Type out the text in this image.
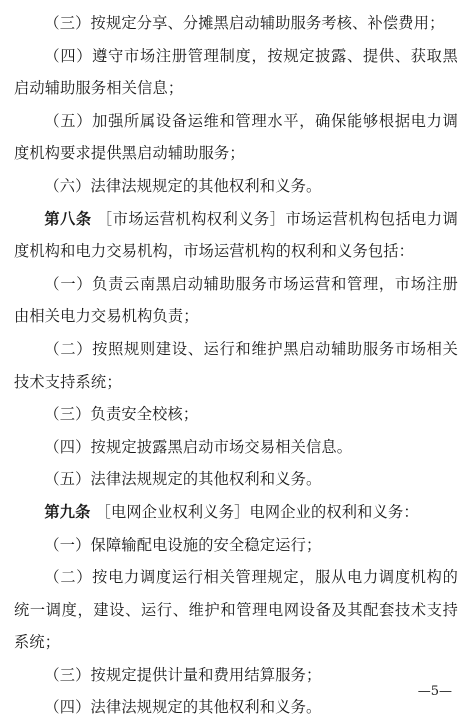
（三）按规定分享、分摊黑启动辅助服务考核、补偿费用；

（四）遵守市场注册管理制度，按规定披露、提供、获取黑启动辅助服务相关信息；

（五）加强所属设备运维和管理水平，确保能够根据电力调度机构要求提供黑启动辅助服务；

（六）法律法规规定的其他权利和义务。

第八条 ［市场运营机构权利义务］市场运营机构包括电力调度机构和电力交易机构，市场运营机构的权利和义务包括：

（一）负责云南黑启动辅助服务市场运营和管理，市场注册由相关电力交易机构负责；

（二）按照规则建设、运行和维护黑启动辅助服务市场相关技术支持系统；

（三）负责安全校核；

（四）按规定披露黑启动市场交易相关信息。

（五）法律法规规定的其他权利和义务。

第九条 ［电网企业权利义务］电网企业的权利和义务：

（一）保障输配电设施的安全稳定运行；

（二）按电力调度运行相关管理规定，服从电力调度机构的统一调度，建设、运行、维护和管理电网设备及其配套技术支持系统；

（三）按规定提供计量和费用结算服务；

（四）法律法规规定的其他权利和义务。

—5—
